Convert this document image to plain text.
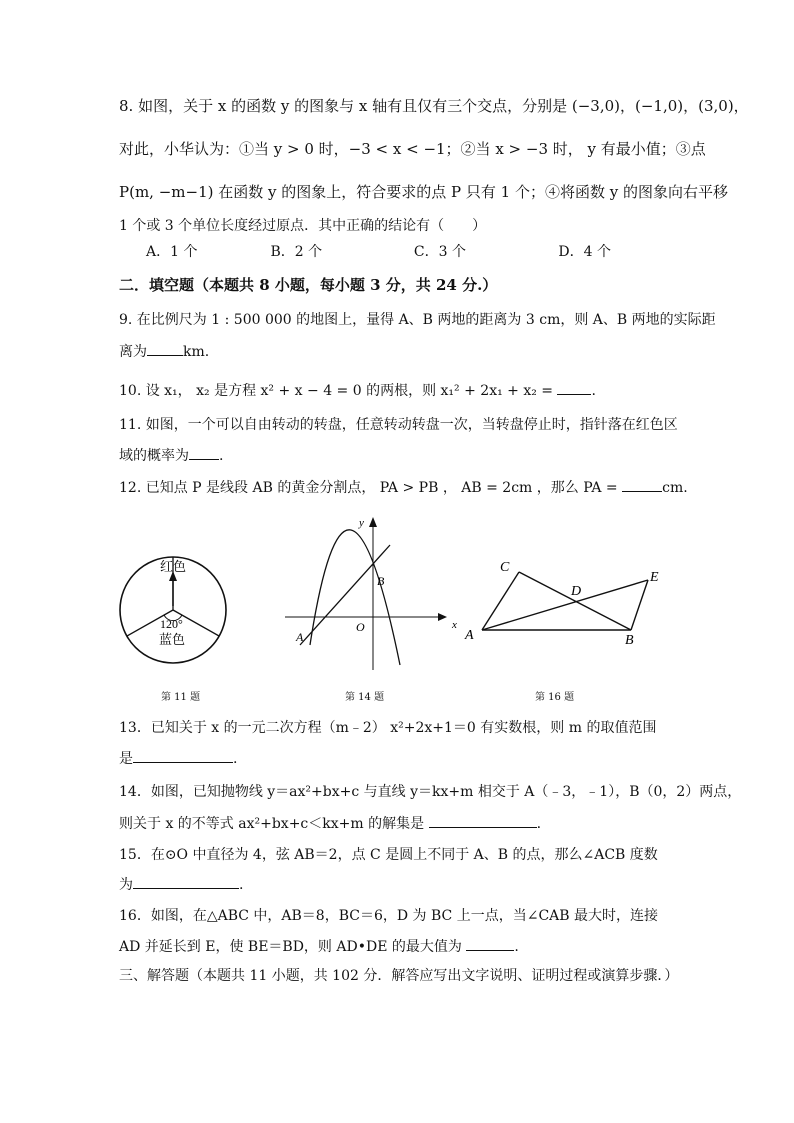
8. 如图，关于 x 的函数 y 的图象与 x 轴有且仅有三个交点，分别是 (−3,0)，(−1,0)，(3,0)，
对此，小华认为：①当 y > 0 时，−3 < x < −1；②当 x > −3 时， y 有最小值；③点
P(m, −m−1) 在函数 y 的图象上，符合要求的点 P 只有 1 个；④将函数 y 的图象向右平移
1 个或 3 个单位长度经过原点．其中正确的结论有（　　）
A．1 个	B．2 个	C．3 个	D．4 个
二．填空题（本题共 8 小题，每小题 3 分，共 24 分.）
9. 在比例尺为 1 : 500 000 的地图上，量得 A、B 两地的距离为 3 cm，则 A、B 两地的实际距
离为	km.
10. 设 x₁， x₂ 是方程 x² + x − 4 = 0 的两根，则 x₁² + 2x₁ + x₂ =	.
11. 如图，一个可以自由转动的转盘，任意转动转盘一次，当转盘停止时，指针落在红色区
域的概率为 .
12. 已知点 P 是线段 AB 的黄金分割点， PA > PB ， AB = 2cm ，那么 PA =	cm.
红色
120°
蓝色
x
y
O
A
B
C
D
E
A	B
第 11 题	第 14 题	第 16 题
13．已知关于 x 的一元二次方程（m﹣2） x²+2x+1＝0 有实数根，则 m 的取值范围
是	.
14．如图，已知抛物线 y＝ax²+bx+c 与直线 y＝kx+m 相交于 A（﹣3，﹣1），B（0，2）两点，
则关于 x 的不等式 ax²+bx+c＜kx+m 的解集是	.
15．在⊙O 中直径为 4，弦 AB＝2，点 C 是圆上不同于 A、B 的点，那么∠ACB 度数
为	.
16．如图，在△ABC 中，AB＝8，BC＝6，D 为 BC 上一点，当∠CAB 最大时，连接
AD 并延长到 E，使 BE＝BD，则 AD•DE 的最大值为	.
三、解答题（本题共 11 小题，共 102 分．解答应写出文字说明、证明过程或演算步骤．）
